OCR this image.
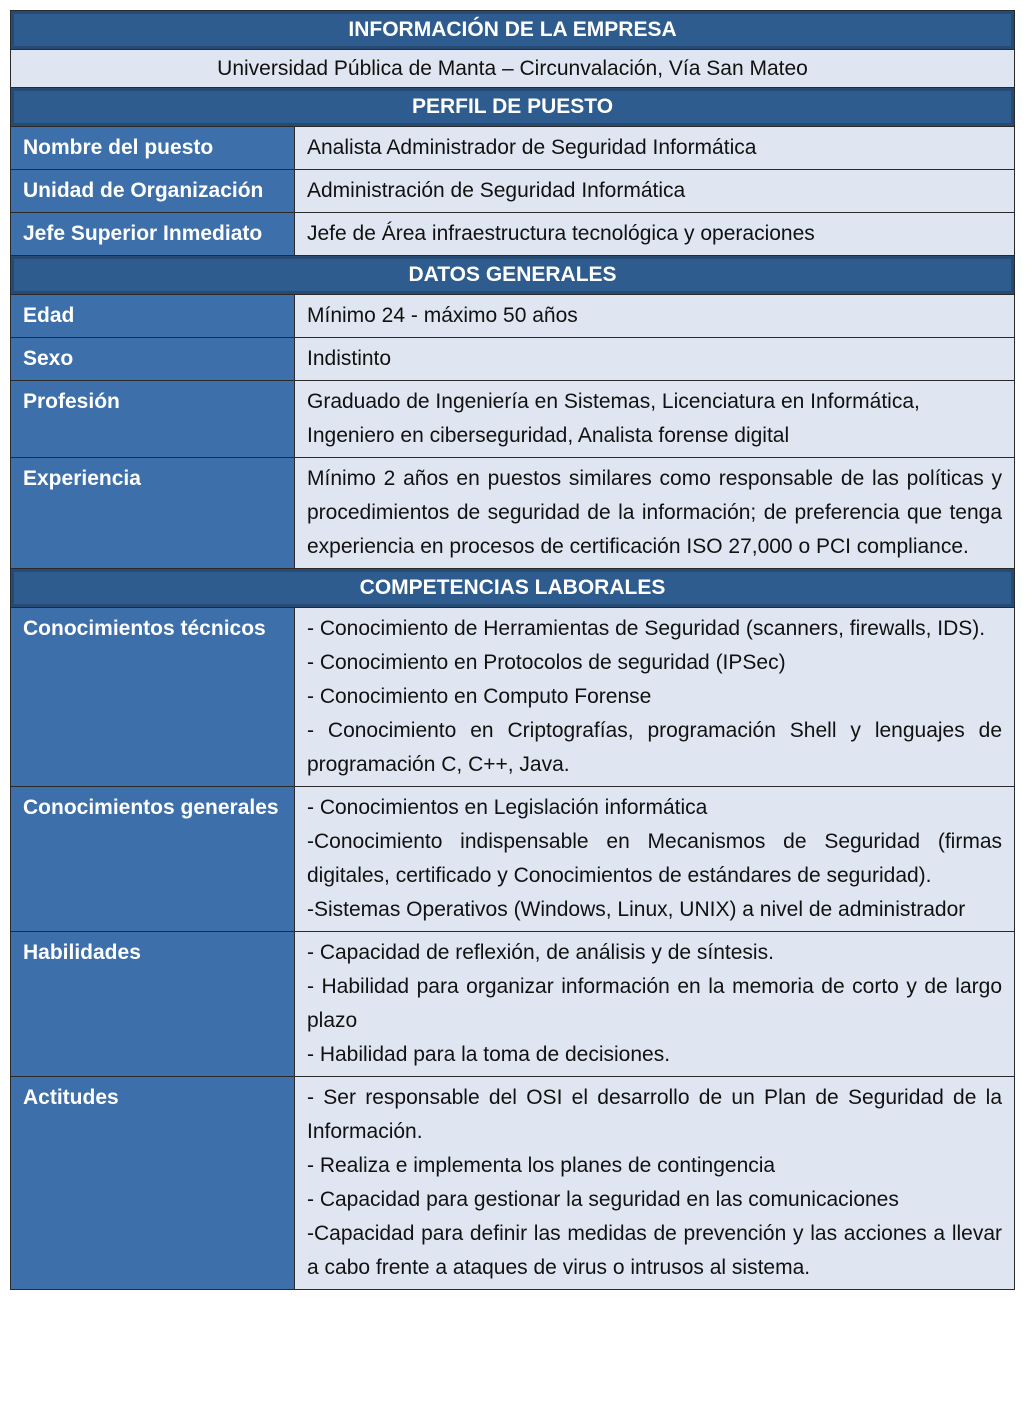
INFORMACIÓN DE LA EMPRESA	
Universidad Pública de Manta – Circunvalación, Vía San Mateo	
PERFIL DE PUESTO	
Nombre del puesto	Analista Administrador de Seguridad Informática
Unidad de Organización	Administración de Seguridad Informática
Jefe Superior Inmediato	Jefe de Área infraestructura tecnológica y operaciones
DATOS GENERALES	
Edad	Mínimo 24 - máximo 50 años
Sexo	Indistinto
Profesión	Graduado de Ingeniería en Sistemas, Licenciatura en Informática, Ingeniero en ciberseguridad, Analista forense digital
Experiencia	Mínimo 2 años en puestos similares como responsable de las políticas y procedimientos de seguridad de la información; de preferencia que tenga experiencia en procesos de certificación ISO 27,000 o PCI compliance.
COMPETENCIAS LABORALES	
Conocimientos técnicos	- Conocimiento de Herramientas de Seguridad (scanners, firewalls, IDS).
- Conocimiento en Protocolos de seguridad (IPSec)
- Conocimiento en Computo Forense
- Conocimiento en Criptografías, programación Shell y lenguajes de programación C, C++, Java.

Conocimientos generales	- Conocimientos en Legislación informática
-Conocimiento indispensable en Mecanismos de Seguridad (firmas digitales, certificado y Conocimientos de estándares de seguridad).
-Sistemas Operativos (Windows, Linux, UNIX) a nivel de administrador

Habilidades	- Capacidad de reflexión, de análisis y de síntesis.
- Habilidad para organizar información en la memoria de corto y de largo plazo
- Habilidad para la toma de decisiones.

Actitudes	- Ser responsable del OSI el desarrollo de un Plan de Seguridad de la Información.
- Realiza e implementa los planes de contingencia
- Capacidad para gestionar la seguridad en las comunicaciones
-Capacidad para definir las medidas de prevención y las acciones a llevar a cabo frente a ataques de virus o intrusos al sistema.
